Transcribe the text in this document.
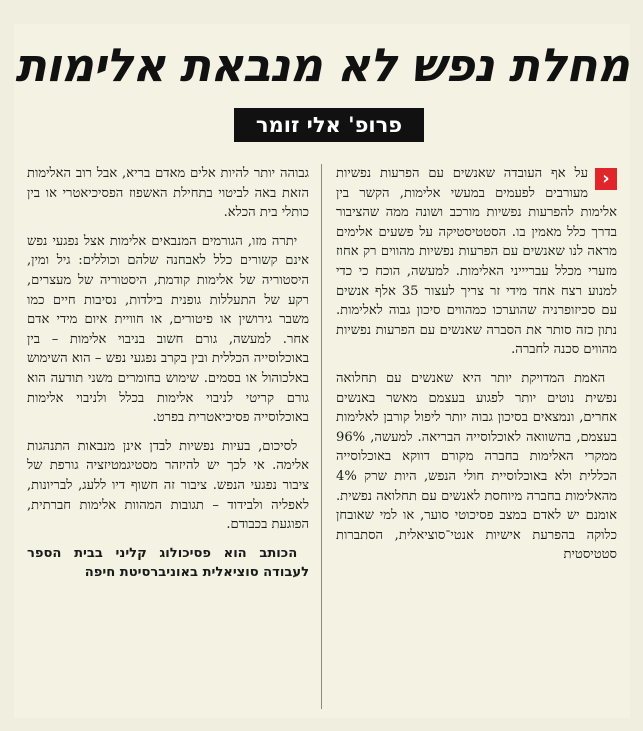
מחלת נפש לא מנבאת אלימות
פרופ' אלי זומר

‹
על אף העובדה שאנשים עם הפרעות נפשיות מעורבים לפעמים במעשי אלימות, הקשר בין אלימות להפרעות נפשיות מורכב ושונה ממה שהציבור בדרך כלל מאמין בו. הסטטיסטיקה על פשעים אלימים מראה לנו שאנשים עם הפרעות נפשיות מהווים רק אחוז מזערי מכלל עבריייני האלימות. למעשה, הוכח כי כדי למנוע רצח אחד מידי זר צריך לעצור 35 אלף אנשים עם סכיזופרניה שהוערכו כמהווים סיכון גבוה לאלימות. נתון כזה סותר את הסברה שאנשים עם הפרעות נפשיות מהווים סכנה לחברה.

האמת המדויקת יותר היא שאנשים עם תחלואה נפשית נוטים יותר לפגוע בעצמם מאשר באנשים אחרים, ונמצאים בסיכון גבוה יותר ליפול קורבן לאלימות בעצמם, בהשוואה לאוכלוסייה הבריאה. למעשה, 96% ממקרי האלימות בחברה מקורם דווקא באוכלוסייה הכללית ולא באוכלוסיית חולי הנפש, היות שרק 4% מהאלימות בחברה מיוחסת לאנשים עם תחלואה נפשית. אומנם יש לאדם במצב פסיכוטי סוער, או למי שאובחן כלוקה בהפרעת אישיות אנטי־סוציאלית, הסתברות סטטיסטית

גבוהה יותר להיות אלים מאדם בריא, אבל רוב האלימות הזאת באה לביטוי בתחילת האשפוז הפסיכיאטרי או בין כותלי בית הכלא.

יתרה מזו, הגורמים המנבאים אלימות אצל נפגעי נפש אינם קשורים כלל לאבחנה שלהם וכוללים: גיל ומין, היסטוריה של אלימות קודמת, היסטוריה של מעצרים, רקע של התעללות גופנית בילדות, נסיבות חיים כמו משבר גירושין או פיטורים, או חוויית איום מידי אדם אחר. למעשה, גורם חשוב בניבוי אלימות – בין באוכלוסייה הכללית ובין בקרב נפגעי נפש – הוא השימוש באלכוהול או בסמים. שימוש בחומרים משני תודעה הוא גורם קריטי לניבוי אלימות בכלל ולניבוי אלימות באוכלוסייה פסיכיאטרית בפרט.

לסיכום, בעיות נפשיות לבדן אינן מנבאות התנהגות אלימה. אי לכך יש להיזהר מסטיגמטיזציה גורפת של ציבור נפגעי הנפש. ציבור זה חשוף דיו ללעג, לבריונות, לאפליה ולבידוד – תגובות המהוות אלימות חברתית, הפוגעת בכבודם.

הכותב הוא פסיכולוג קליני בבית הספר לעבודה סוציאלית באוניברסיטת חיפה
